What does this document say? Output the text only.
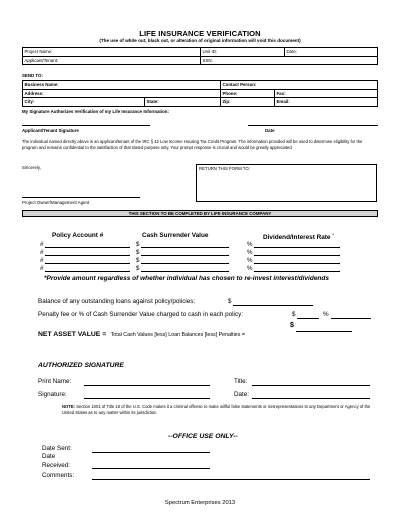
LIFE INSURANCE VERIFICATION
(The use of white out, black out, or alteration of original information will void this document)
Project Name:	Unit ID:	Date:
Applicant/Tenant:	SSN:	
SEND TO:
Business Name:		Contact Person:	
Address:		Phone:	Fax:
City:	State:	Zip:	Email:
My Signature Authorizes Verification of my Life Insurance Information:
Applicant/Tenant Signature	Date
The individual named directly above is an applicant/tenant of the IRC § 42 Low Income Housing Tax Credit Program. The information provided will be used to determine eligibility for the program and remains confidential to the satisfaction of that stated purpose only. Your prompt response is crucial and would be greatly appreciated
Sincerely,	RETURN THIS FORM TO:
Project Owner/Management Agent
THIS SECTION TO BE COMPLETED BY LIFE INSURANCE COMPANY
Policy Account #	Cash Surrender Value	Dividend/Interest Rate *
#	$	%
#	$	%
#	$	%
#	$	%
*Provide amount regardless of whether individual has chosen to re-invest interest/dividends
Balance of any outstanding loans against policy/policies:	$
Penalty fee or % of Cash Surrender Value charged to cash in each policy:	$	%
NET ASSET VALUE = Total Cash Values [less] Loan Balances [less] Penalties =
$
AUTHORIZED SIGNATURE
Print Name:	Title:
Signature:	Date:
NOTE: Section 1001 of Title 18 of the U.S. Code makes it a criminal offense to make willful false statements or misrepresentations to any Department or Agency of the United States as to any matter within its jurisdiction
--OFFICE USE ONLY--
Date Sent:
Date
Received:
Comments:
Spectrum Enterprises 2013
